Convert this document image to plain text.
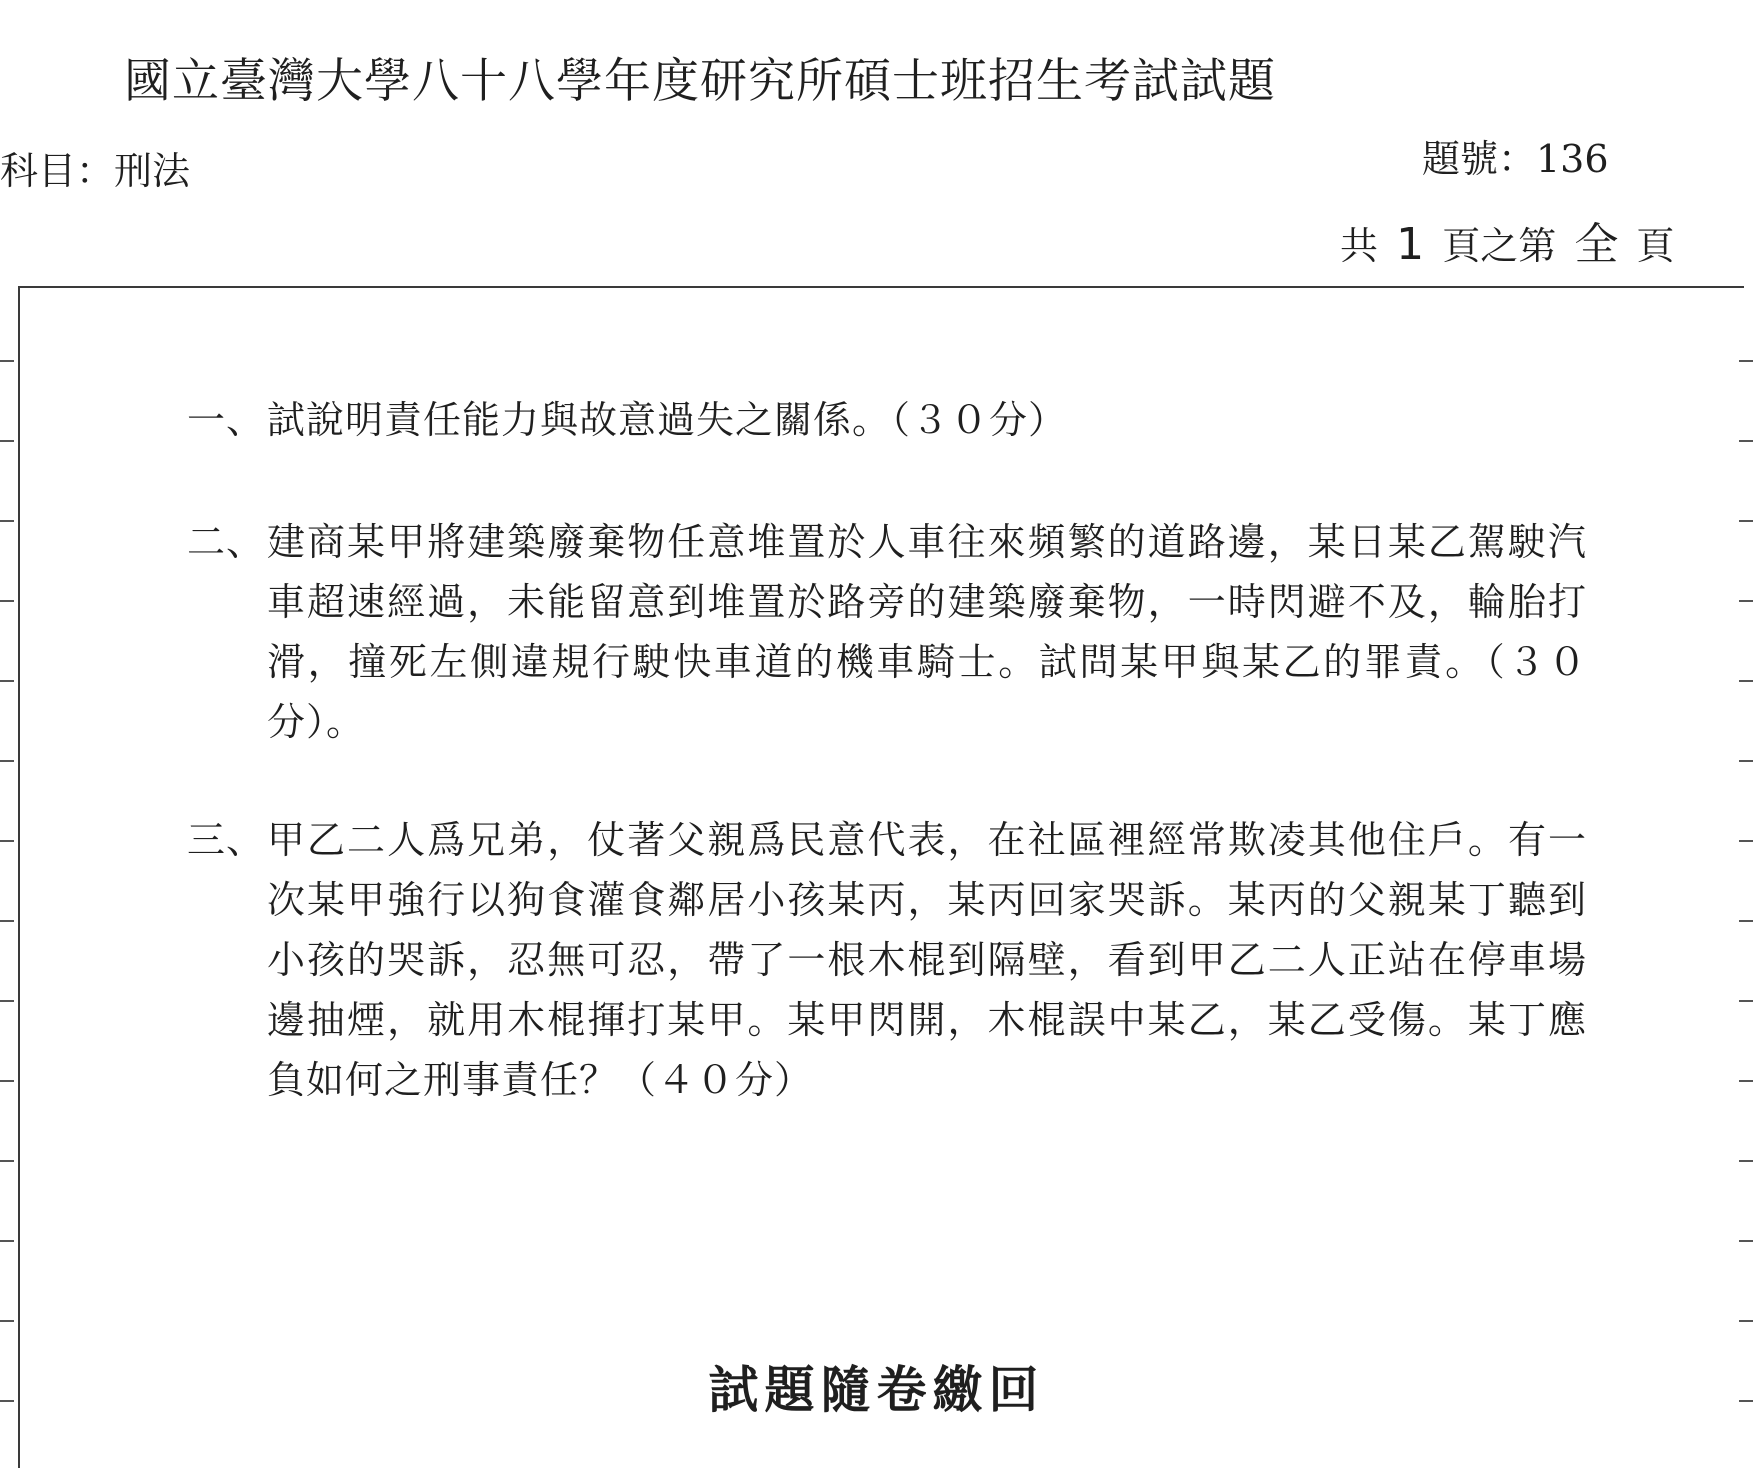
國立臺灣大學八十八學年度研究所碩士班招生考試試題
科目：刑法	題號：136
共 1 頁之第 全 頁
一、 試說明責任能力與故意過失之關係。（３０分）
二、 建商某甲將建築廢棄物任意堆置於人車往來頻繁的道路邊，某日某乙駕駛汽車超速經過，未能留意到堆置於路旁的建築廢棄物，一時閃避不及，輪胎打滑，撞死左側違規行駛快車道的機車騎士。試問某甲與某乙的罪責。（３０分）。
三、 甲乙二人爲兄弟，仗著父親爲民意代表，在社區裡經常欺凌其他住戶。有一次某甲強行以狗食灌食鄰居小孩某丙，某丙回家哭訴。某丙的父親某丁聽到小孩的哭訴，忍無可忍，帶了一根木棍到隔壁，看到甲乙二人正站在停車場邊抽煙，就用木棍揮打某甲。某甲閃開，木棍誤中某乙，某乙受傷。某丁應負如何之刑事責任？（４０分）
試題隨卷繳回
